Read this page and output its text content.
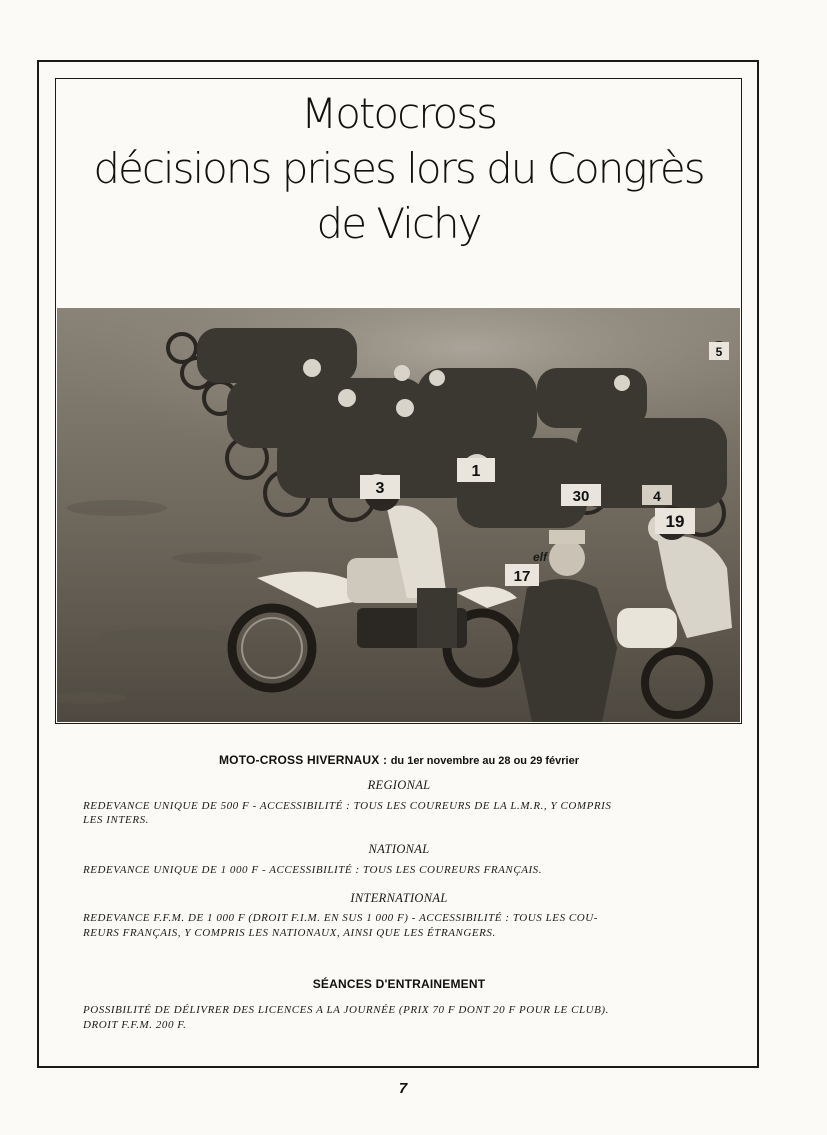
Motocross
décisions prises lors du Congrès
de Vichy
3
1
30
19
17
4
5
elf
MOTO-CROSS HIVERNAUX : du 1er novembre au 28 ou 29 février
REGIONAL
REDEVANCE UNIQUE DE 500 F - ACCESSIBILITÉ : TOUS LES COUREURS DE LA L.M.R., Y COMPRIS
LES INTERS.
NATIONAL
REDEVANCE UNIQUE DE 1 000 F - ACCESSIBILITÉ : TOUS LES COUREURS FRANÇAIS.
INTERNATIONAL
REDEVANCE F.F.M. DE 1 000 F (DROIT F.I.M. EN SUS 1 000 F) - ACCESSIBILITÉ : TOUS LES COU-
REURS FRANÇAIS, Y COMPRIS LES NATIONAUX, AINSI QUE LES ÉTRANGERS.
SÉANCES D'ENTRAINEMENT
POSSIBILITÉ DE DÉLIVRER DES LICENCES A LA JOURNÉE (PRIX 70 F DONT 20 F POUR LE CLUB).
DROIT F.F.M. 200 F.
7
